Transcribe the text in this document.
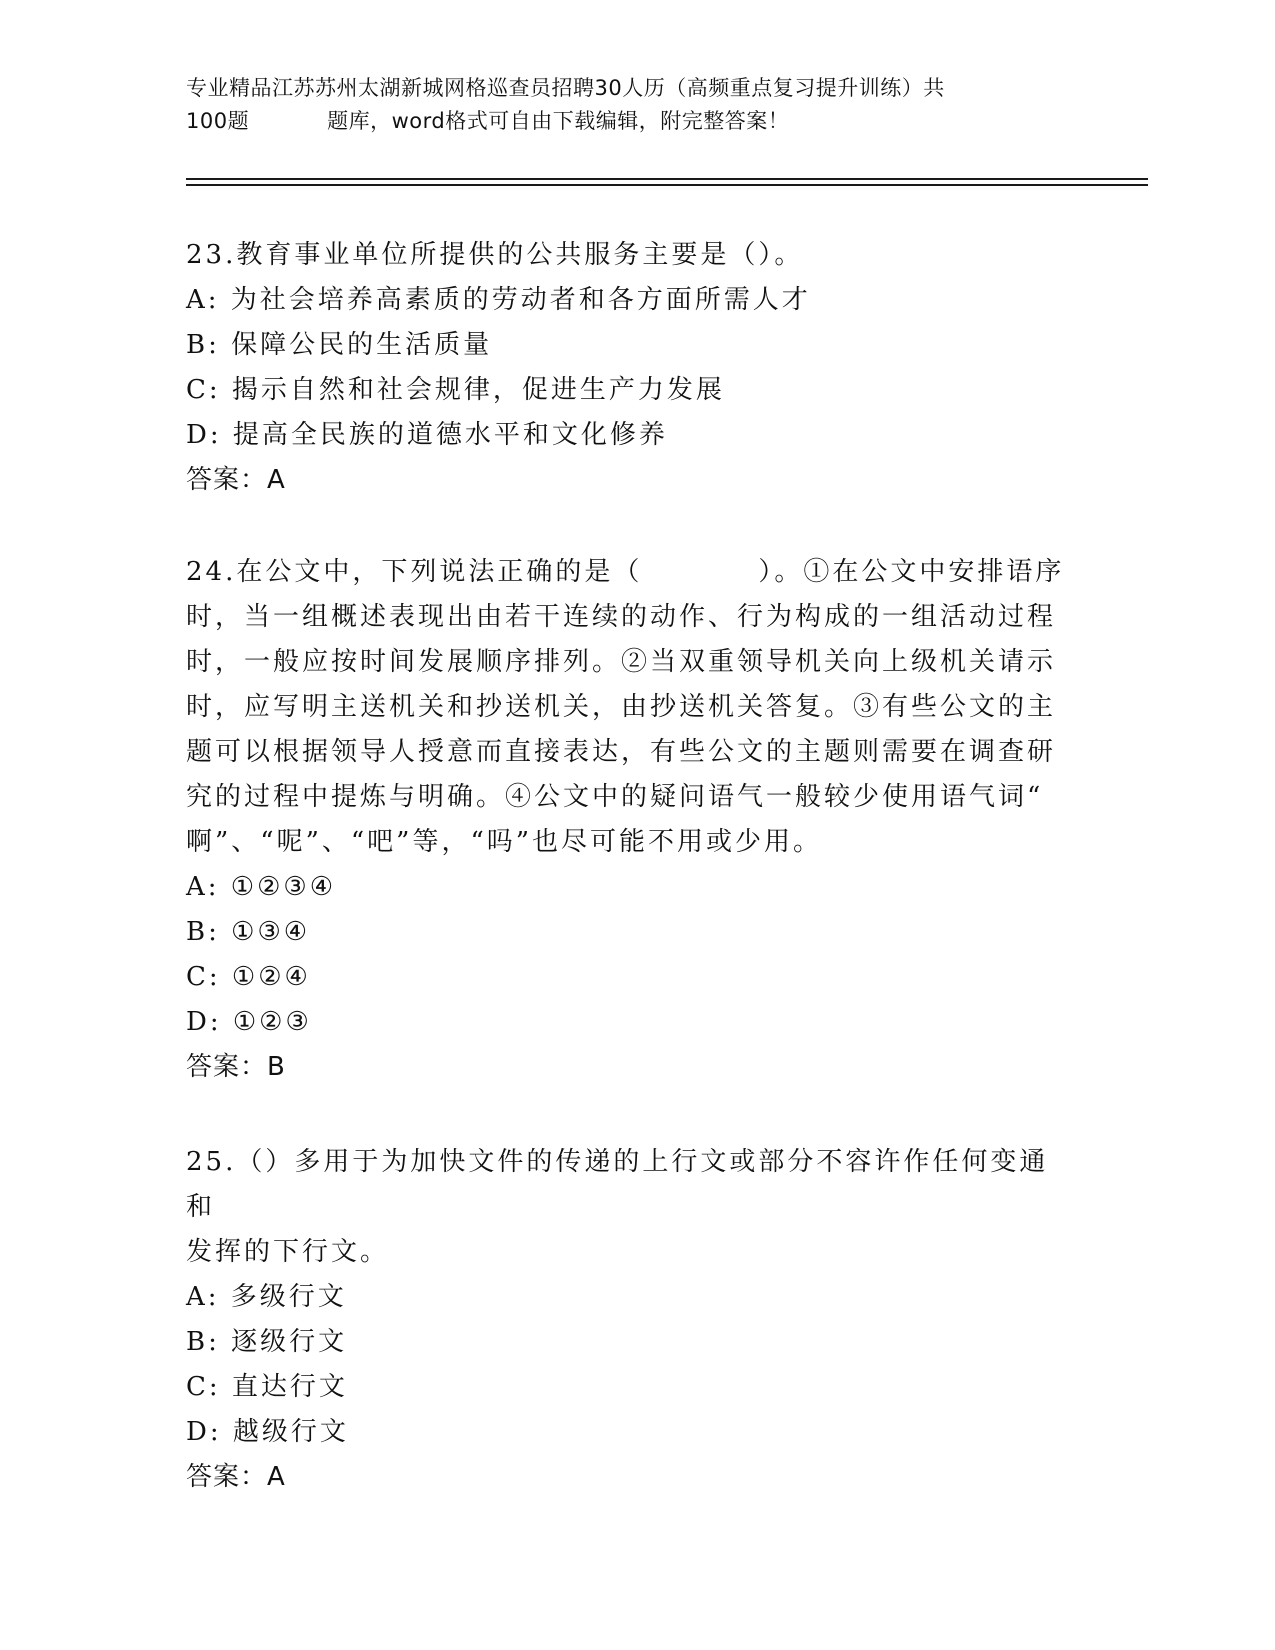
专业精品江苏苏州太湖新城网格巡查员招聘30人历（高频重点复习提升训练）共
100题	题库，word格式可自由下载编辑，附完整答案！

23.教育事业单位所提供的公共服务主要是（）。

A: 为社会培养高素质的劳动者和各方面所需人才

B: 保障公民的生活质量

C: 揭示自然和社会规律，促进生产力发展

D: 提高全民族的道德水平和文化修养

答案：A

24.在公文中，下列说法正确的是（　　　　）。①在公文中安排语序

时，当一组概述表现出由若干连续的动作、行为构成的一组活动过程

时，一般应按时间发展顺序排列。②当双重领导机关向上级机关请示

时，应写明主送机关和抄送机关，由抄送机关答复。③有些公文的主

题可以根据领导人授意而直接表达，有些公文的主题则需要在调查研

究的过程中提炼与明确。④公文中的疑问语气一般较少使用语气词“

啊”、“呢”、“吧”等，“吗”也尽可能不用或少用。

A: ①②③④

B: ①③④

C: ①②④

D: ①②③

答案：B

25.（）多用于为加快文件的传递的上行文或部分不容许作任何变通和

发挥的下行文。

A: 多级行文

B: 逐级行文

C: 直达行文

D: 越级行文

答案：A
